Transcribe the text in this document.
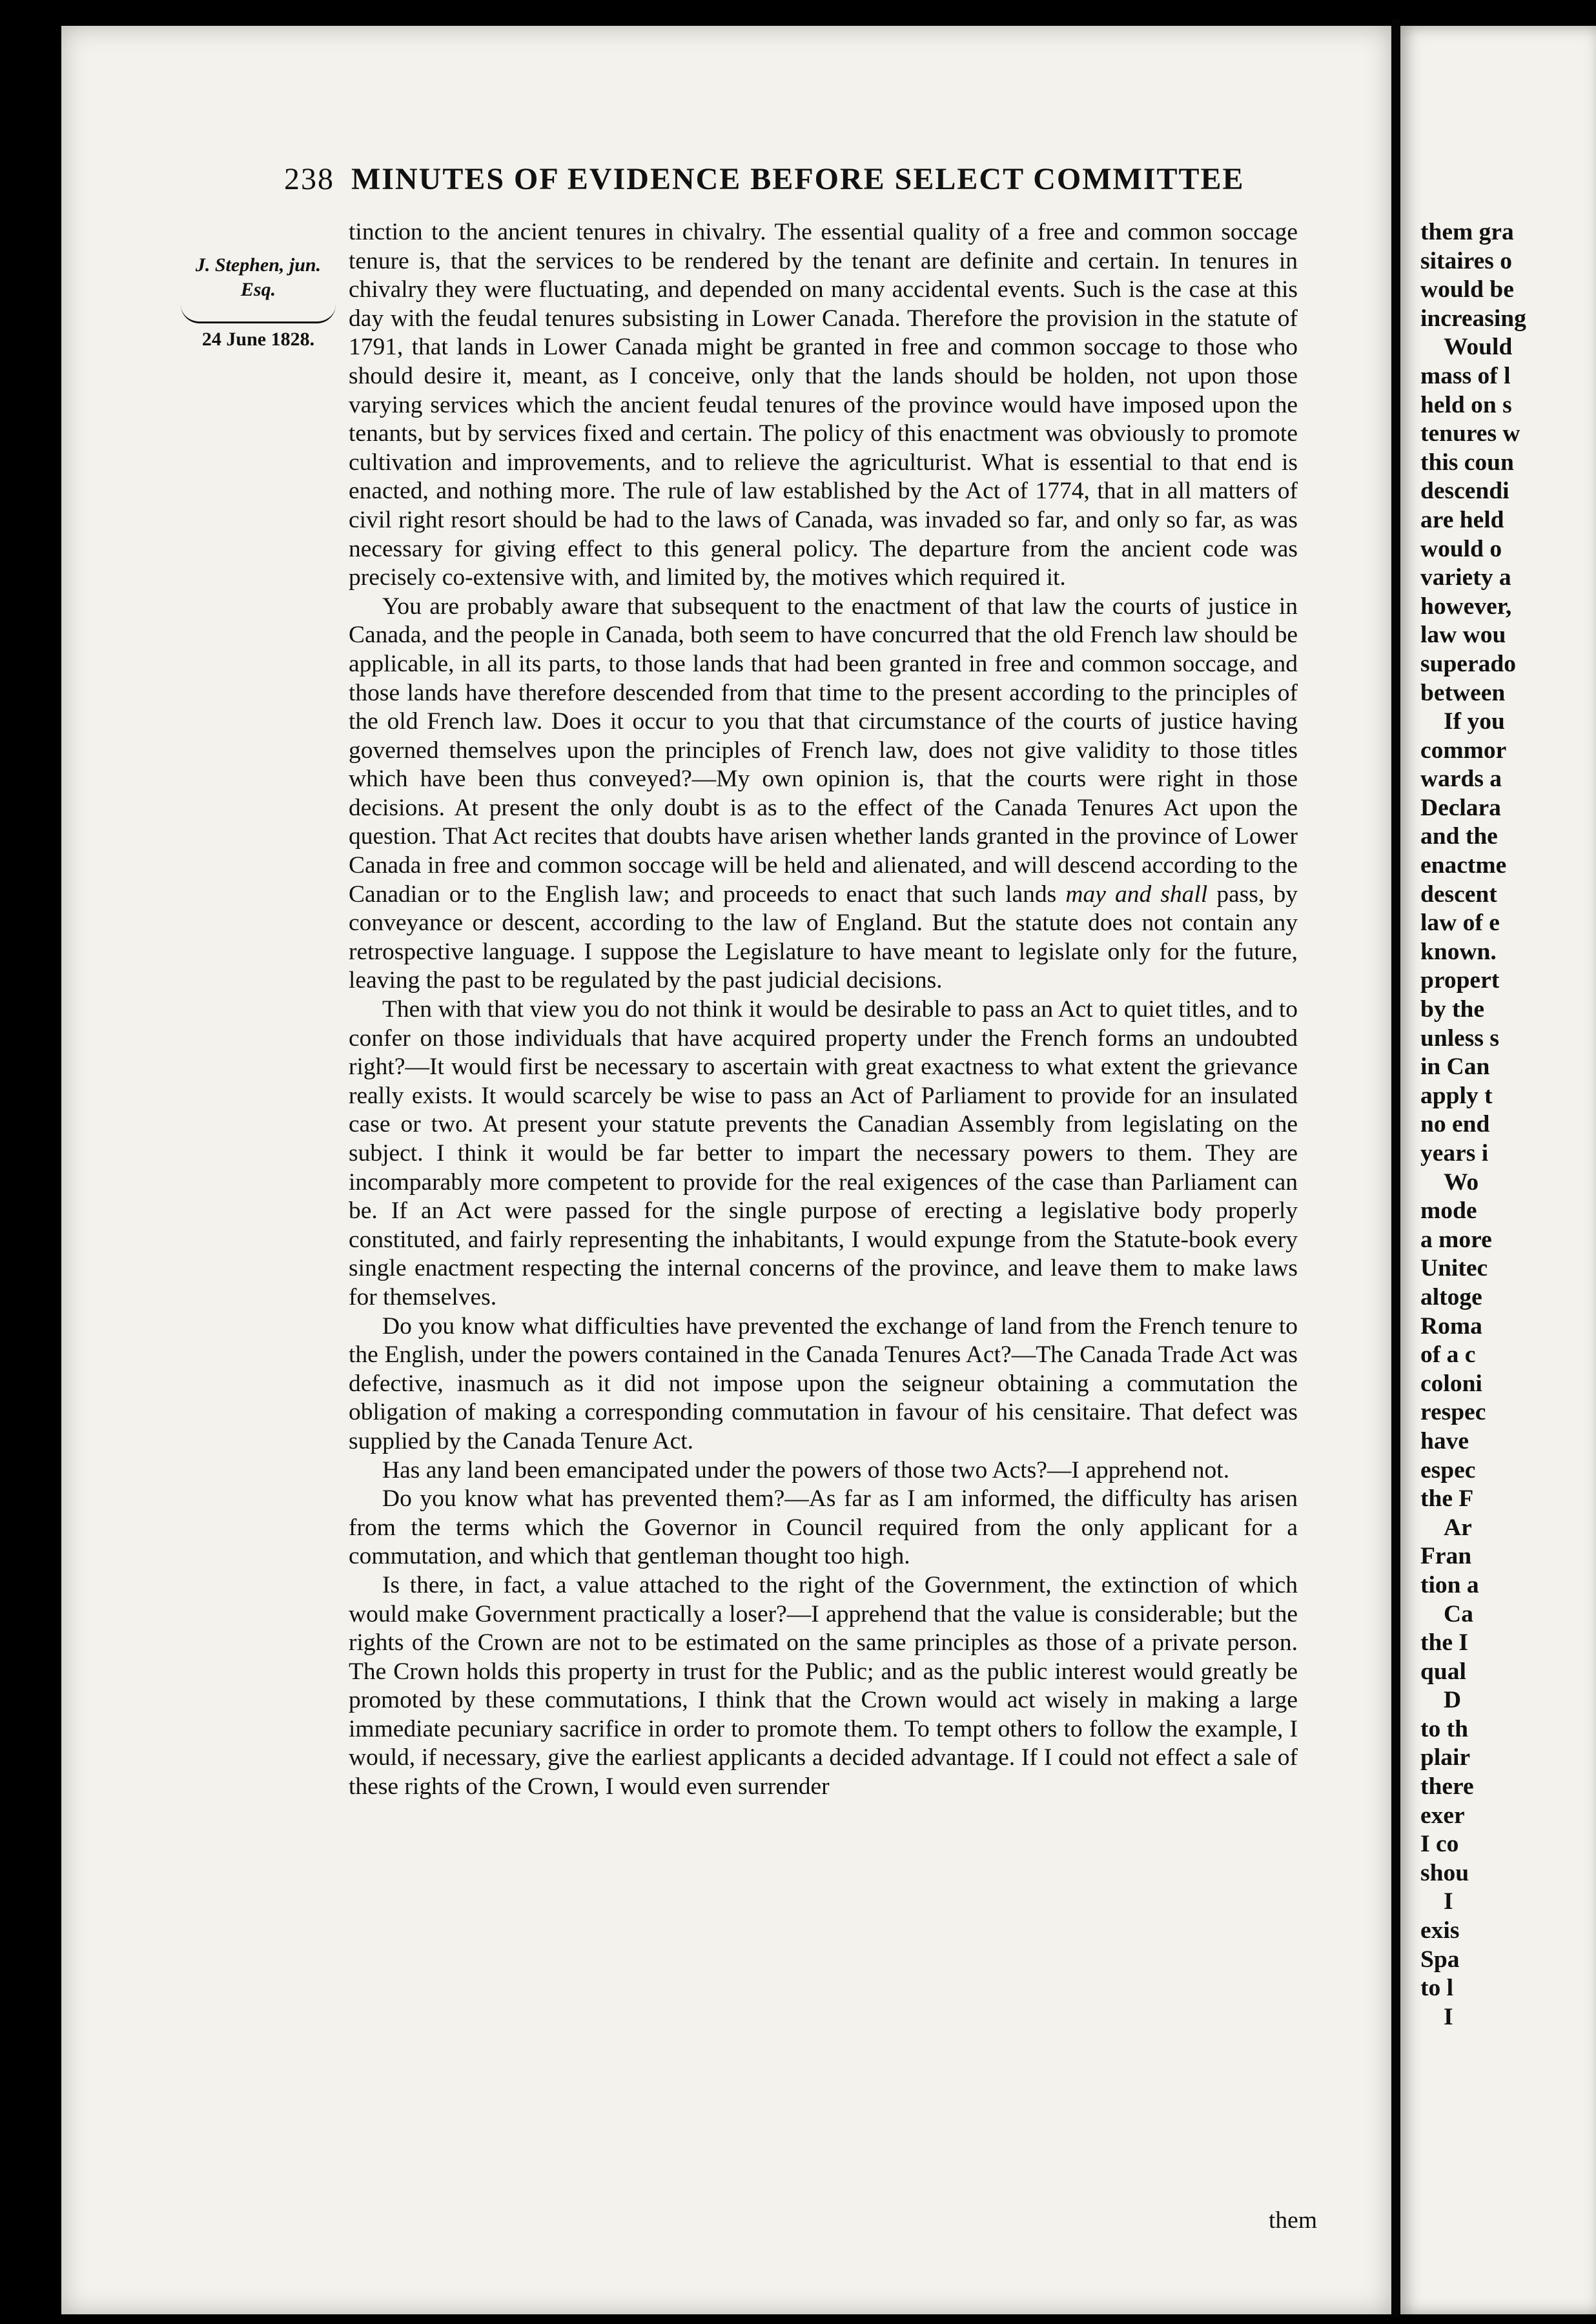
238 MINUTES OF EVIDENCE BEFORE SELECT COMMITTEE
J. Stephen, jun.
Esq.
24 June 1828.

tinction to the ancient tenures in chivalry. The essential quality of a free and common soccage tenure is, that the services to be rendered by the tenant are definite and certain. In tenures in chivalry they were fluctuating, and depended on many accidental events. Such is the case at this day with the feudal tenures subsisting in Lower Canada. Therefore the provision in the statute of 1791, that lands in Lower Canada might be granted in free and common soccage to those who should desire it, meant, as I conceive, only that the lands should be holden, not upon those varying services which the ancient feudal tenures of the province would have imposed upon the tenants, but by services fixed and certain. The policy of this enactment was obviously to promote cultivation and improvements, and to relieve the agriculturist. What is essential to that end is enacted, and nothing more. The rule of law established by the Act of 1774, that in all matters of civil right resort should be had to the laws of Canada, was invaded so far, and only so far, as was necessary for giving effect to this general policy. The departure from the ancient code was precisely co-extensive with, and limited by, the motives which required it.

You are probably aware that subsequent to the enactment of that law the courts of justice in Canada, and the people in Canada, both seem to have concurred that the old French law should be applicable, in all its parts, to those lands that had been granted in free and common soccage, and those lands have therefore descended from that time to the present according to the principles of the old French law. Does it occur to you that that circumstance of the courts of justice having governed themselves upon the principles of French law, does not give validity to those titles which have been thus conveyed?—My own opinion is, that the courts were right in those decisions. At present the only doubt is as to the effect of the Canada Tenures Act upon the question. That Act recites that doubts have arisen whether lands granted in the province of Lower Canada in free and common soccage will be held and alienated, and will descend according to the Canadian or to the English law; and proceeds to enact that such lands may and shall pass, by conveyance or descent, according to the law of England. But the statute does not contain any retrospective language. I suppose the Legislature to have meant to legislate only for the future, leaving the past to be regulated by the past judicial decisions.

Then with that view you do not think it would be desirable to pass an Act to quiet titles, and to confer on those individuals that have acquired property under the French forms an undoubted right?—It would first be necessary to ascertain with great exactness to what extent the grievance really exists. It would scarcely be wise to pass an Act of Parliament to provide for an insulated case or two. At present your statute prevents the Canadian Assembly from legislating on the subject. I think it would be far better to impart the necessary powers to them. They are incomparably more competent to provide for the real exigences of the case than Parliament can be. If an Act were passed for the single purpose of erecting a legislative body properly constituted, and fairly representing the inhabitants, I would expunge from the Statute-book every single enactment respecting the internal concerns of the province, and leave them to make laws for themselves.

Do you know what difficulties have prevented the exchange of land from the French tenure to the English, under the powers contained in the Canada Tenures Act?—The Canada Trade Act was defective, inasmuch as it did not impose upon the seigneur obtaining a commutation the obligation of making a corresponding commutation in favour of his censitaire. That defect was supplied by the Canada Tenure Act.

Has any land been emancipated under the powers of those two Acts?—I apprehend not.

Do you know what has prevented them?—As far as I am informed, the difficulty has arisen from the terms which the Governor in Council required from the only applicant for a commutation, and which that gentleman thought too high.

Is there, in fact, a value attached to the right of the Government, the extinction of which would make Government practically a loser?—I apprehend that the value is considerable; but the rights of the Crown are not to be estimated on the same principles as those of a private person. The Crown holds this property in trust for the Public; and as the public interest would greatly be promoted by these commutations, I think that the Crown would act wisely in making a large immediate pecuniary sacrifice in order to promote them. To tempt others to follow the example, I would, if necessary, give the earliest applicants a decided advantage. If I could not effect a sale of these rights of the Crown, I would even surrender

them
them gra
sitaires o
would be
increasing
Would
mass of l
held on s
tenures w
this coun
descendi
are held
would o
variety a
however,
law wou
superado
between
If you
commor
wards a
Declara
and the
enactme
descent
law of e
known.
propert
by the
unless s
in Can
apply t
no end
years i
Wo
mode
a more
Unitec
altoge
Roma
of a c
coloni
respec
have
espec
the F
Ar
Fran
tion a
Ca
the I
qual
D
to th
plair
there
exer
I co
shou
I
exis
Spa
to l
I
